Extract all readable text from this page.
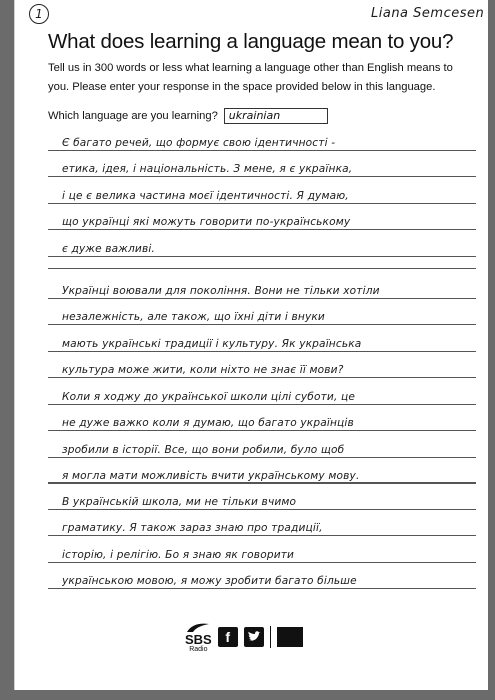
1	Liana Semcesen
What does learning a language mean to you?
Tell us in 300 words or less what learning a language other than English means to you. Please enter your response in the space provided below in this language.
Which language are you learning?	ukrainian
Є багато речей, що формує свою ідентичності -
етика, ідея, і національність. З мене, я є українка,
і це є велика частина моєї ідентичності. Я думаю,
що українці які можуть говорити по-українському
є дуже важливі.
Українці воювали для покоління. Вони не тільки хотіли
незалежність, але також, що їхні діти і внуки
мають українські традиції і культуру. Як українська
культура може жити, коли ніхто не знає її мови?
Коли я ходжу до української школи цілі суботи, це
не дуже важко коли я думаю, що багато українців
зробили в історії. Все, що вони робили, було щоб
я могла мати можливість вчити українському мову.
В українській школа, ми не тільки вчимо
граматику. Я також зараз знаю про традиції,
історію, і релігію. Бо я знаю як говорити
українською мовою, я можу зробити багато більше
SBS
Radio
f
